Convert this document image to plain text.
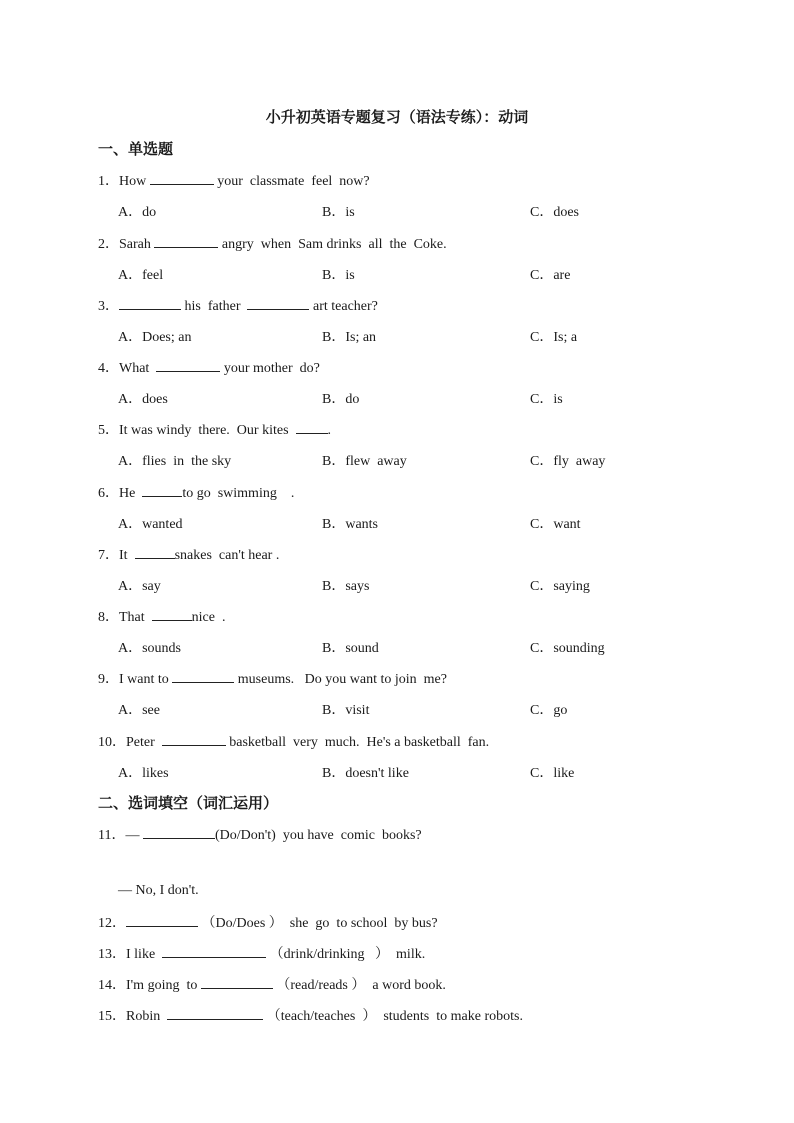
小升初英语专题复习（语法专练）：动词
一、单选题
1．How	your  classmate  feel  now?
A．do	B．is	C．does
2．Sarah	angry  when  Sam drinks  all  the  Coke.
A．feel	B．is	C．are
3．	his  father	art teacher?
A．Does; an	B．Is; an	C．Is; a
4．What	your mother  do?
A．does	B．do	C．is
5．It was windy  there.  Our kites  .
A．flies  in  the sky	B．flew  away	C．fly  away
6．He	to go  swimming    .
A．wanted	B．wants	C．want
7．It	snakes  can't hear .
A．say	B．says	C．saying
8．That	nice  .
A．sounds	B．sound	C．sounding
9．I want to	museums.   Do you want to join  me?
A．see	B．visit	C．go
10．Peter	basketball  very  much.  He's a basketball  fan.
A．likes	B．doesn't like	C．like
二、选词填空（词汇运用）
11．—	(Do/Don't)  you have  comic  books?
— No, I don't.
12．	（Do/Does ）  she  go  to school  by bus?
13．I like	（drink/drinking   ）  milk.
14．I'm going  to	（read/reads ）  a word book.
15．Robin	（teach/teaches  ）  students  to make robots.
